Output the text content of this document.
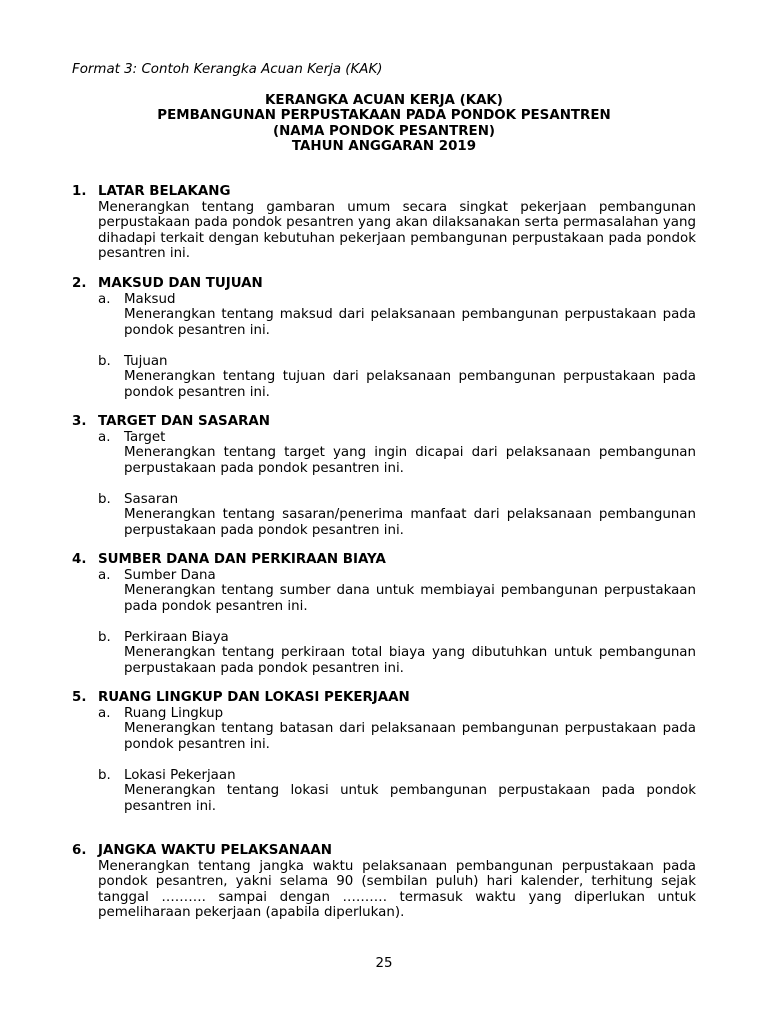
Format 3: Contoh Kerangka Acuan Kerja (KAK)
KERANGKA ACUAN KERJA (KAK)
PEMBANGUNAN PERPUSTAKAAN PADA PONDOK PESANTREN
(NAMA PONDOK PESANTREN)
TAHUN ANGGARAN 2019
1. LATAR BELAKANG
Menerangkan tentang gambaran umum secara singkat pekerjaan pembangunan perpustakaan pada pondok pesantren yang akan dilaksanakan serta permasalahan yang dihadapi terkait dengan kebutuhan pekerjaan pembangunan perpustakaan pada pondok pesantren ini.
2. MAKSUD DAN TUJUAN
a. Maksud
Menerangkan tentang maksud dari pelaksanaan pembangunan perpustakaan pada pondok pesantren ini.
b. Tujuan
Menerangkan tentang tujuan dari pelaksanaan pembangunan perpustakaan pada pondok pesantren ini.
3. TARGET DAN SASARAN
a. Target
Menerangkan tentang target yang ingin dicapai dari pelaksanaan pembangunan perpustakaan pada pondok pesantren ini.
b. Sasaran
Menerangkan tentang sasaran/penerima manfaat dari pelaksanaan pembangunan perpustakaan pada pondok pesantren ini.
4. SUMBER DANA DAN PERKIRAAN BIAYA
a. Sumber Dana
Menerangkan tentang sumber dana untuk membiayai pembangunan perpustakaan pada pondok pesantren ini.
b. Perkiraan Biaya
Menerangkan tentang perkiraan total biaya yang dibutuhkan untuk pembangunan perpustakaan pada pondok pesantren ini.
5. RUANG LINGKUP DAN LOKASI PEKERJAAN
a. Ruang Lingkup
Menerangkan tentang batasan dari pelaksanaan pembangunan perpustakaan pada pondok pesantren ini.
b. Lokasi Pekerjaan
Menerangkan tentang lokasi untuk pembangunan perpustakaan pada pondok pesantren ini.
6. JANGKA WAKTU PELAKSANAAN
Menerangkan tentang jangka waktu pelaksanaan pembangunan perpustakaan pada pondok pesantren, yakni selama 90 (sembilan puluh) hari kalender, terhitung sejak tanggal ………. sampai dengan ………. termasuk waktu yang diperlukan untuk pemeliharaan pekerjaan (apabila diperlukan).
25
